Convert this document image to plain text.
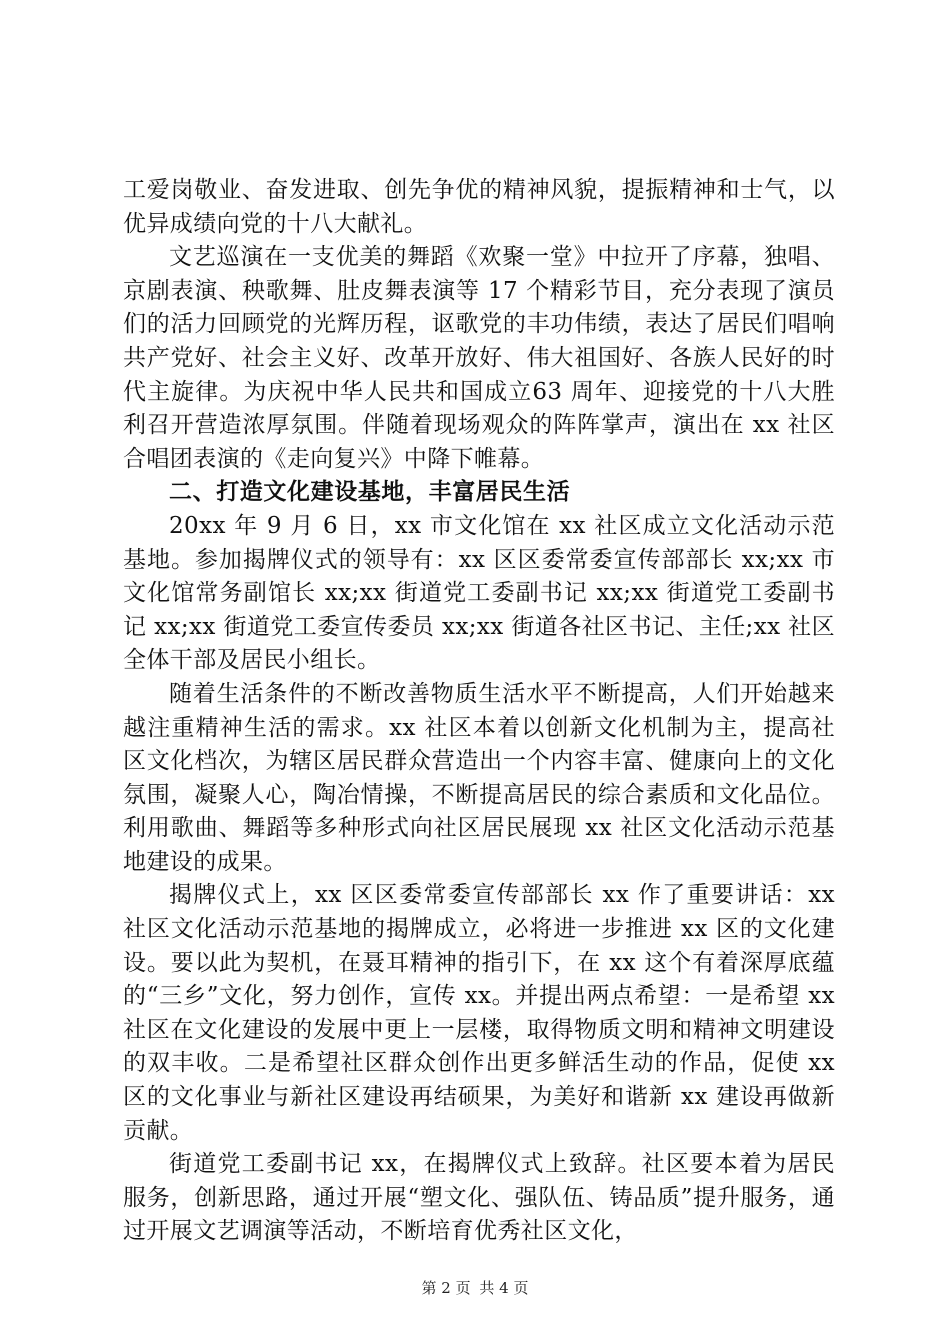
工爱岗敬业、奋发进取、创先争优的精神风貌，提振精神和士气，以优异成绩向党的十八大献礼。

文艺巡演在一支优美的舞蹈《欢聚一堂》中拉开了序幕，独唱、京剧表演、秧歌舞、肚皮舞表演等 17 个精彩节目，充分表现了演员们的活力回顾党的光辉历程，讴歌党的丰功伟绩，表达了居民们唱响共产党好、社会主义好、改革开放好、伟大祖国好、各族人民好的时代主旋律。为庆祝中华人民共和国成立63 周年、迎接党的十八大胜利召开营造浓厚氛围。伴随着现场观众的阵阵掌声，演出在 xx 社区合唱团表演的《走向复兴》中降下帷幕。

二、打造文化建设基地，丰富居民生活

20xx 年 9 月 6 日，xx 市文化馆在 xx 社区成立文化活动示范基地。参加揭牌仪式的领导有：xx 区区委常委宣传部部长 xx;xx 市文化馆常务副馆长 xx;xx 街道党工委副书记 xx;xx 街道党工委副书记 xx;xx 街道党工委宣传委员 xx;xx 街道各社区书记、主任;xx 社区全体干部及居民小组长。

随着生活条件的不断改善物质生活水平不断提高，人们开始越来越注重精神生活的需求。xx 社区本着以创新文化机制为主，提高社区文化档次，为辖区居民群众营造出一个内容丰富、健康向上的文化氛围，凝聚人心，陶冶情操，不断提高居民的综合素质和文化品位。利用歌曲、舞蹈等多种形式向社区居民展现 xx 社区文化活动示范基地建设的成果。

揭牌仪式上，xx 区区委常委宣传部部长 xx 作了重要讲话：xx 社区文化活动示范基地的揭牌成立，必将进一步推进 xx 区的文化建设。要以此为契机，在聂耳精神的指引下，在 xx 这个有着深厚底蕴的“三乡”文化，努力创作，宣传 xx。并提出两点希望：一是希望 xx 社区在文化建设的发展中更上一层楼，取得物质文明和精神文明建设的双丰收。二是希望社区群众创作出更多鲜活生动的作品，促使 xx 区的文化事业与新社区建设再结硕果，为美好和谐新 xx 建设再做新贡献。

街道党工委副书记 xx，在揭牌仪式上致辞。社区要本着为居民服务，创新思路，通过开展“塑文化、强队伍、铸品质”提升服务，通过开展文艺调演等活动，不断培育优秀社区文化，

第 2 页 共 4 页
